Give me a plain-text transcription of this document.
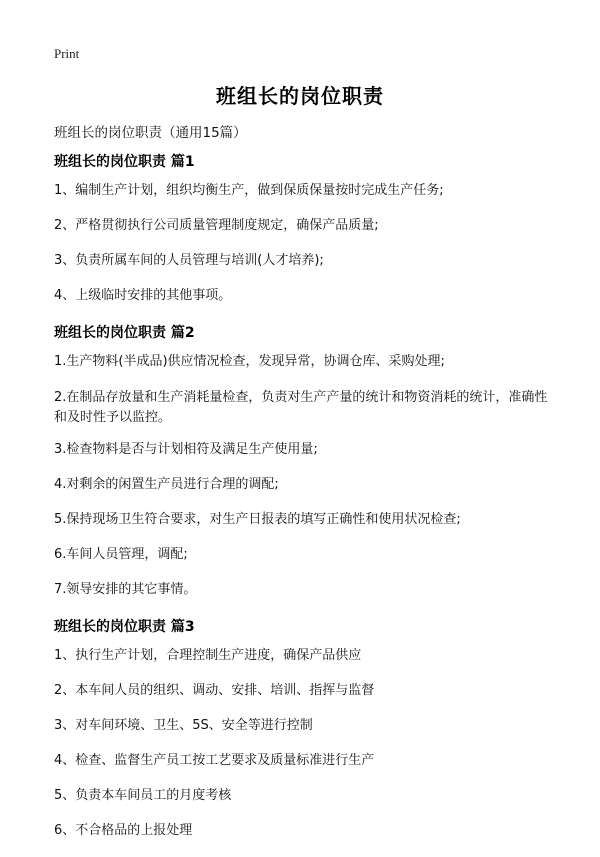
Print
班组长的岗位职责
班组长的岗位职责（通用15篇）
班组长的岗位职责 篇1
1、编制生产计划，组织均衡生产，做到保质保量按时完成生产任务;
2、严格贯彻执行公司质量管理制度规定，确保产品质量;
3、负责所属车间的人员管理与培训(人才培养);
4、上级临时安排的其他事项。
班组长的岗位职责 篇2
1.生产物料(半成品)供应情况检查，发现异常，协调仓库、采购处理;
2.在制品存放量和生产消耗量检查，负责对生产产量的统计和物资消耗的统计，准确性和及时性予以监控。
3.检查物料是否与计划相符及满足生产使用量;
4.对剩余的闲置生产员进行合理的调配;
5.保持现场卫生符合要求，对生产日报表的填写正确性和使用状况检查;
6.车间人员管理，调配;
7.领导安排的其它事情。
班组长的岗位职责 篇3
1、执行生产计划，合理控制生产进度，确保产品供应
2、本车间人员的组织、调动、安排、培训、指挥与监督
3、对车间环境、卫生、5S、安全等进行控制
4、检查、监督生产员工按工艺要求及质量标准进行生产
5、负责本车间员工的月度考核
6、不合格品的上报处理
